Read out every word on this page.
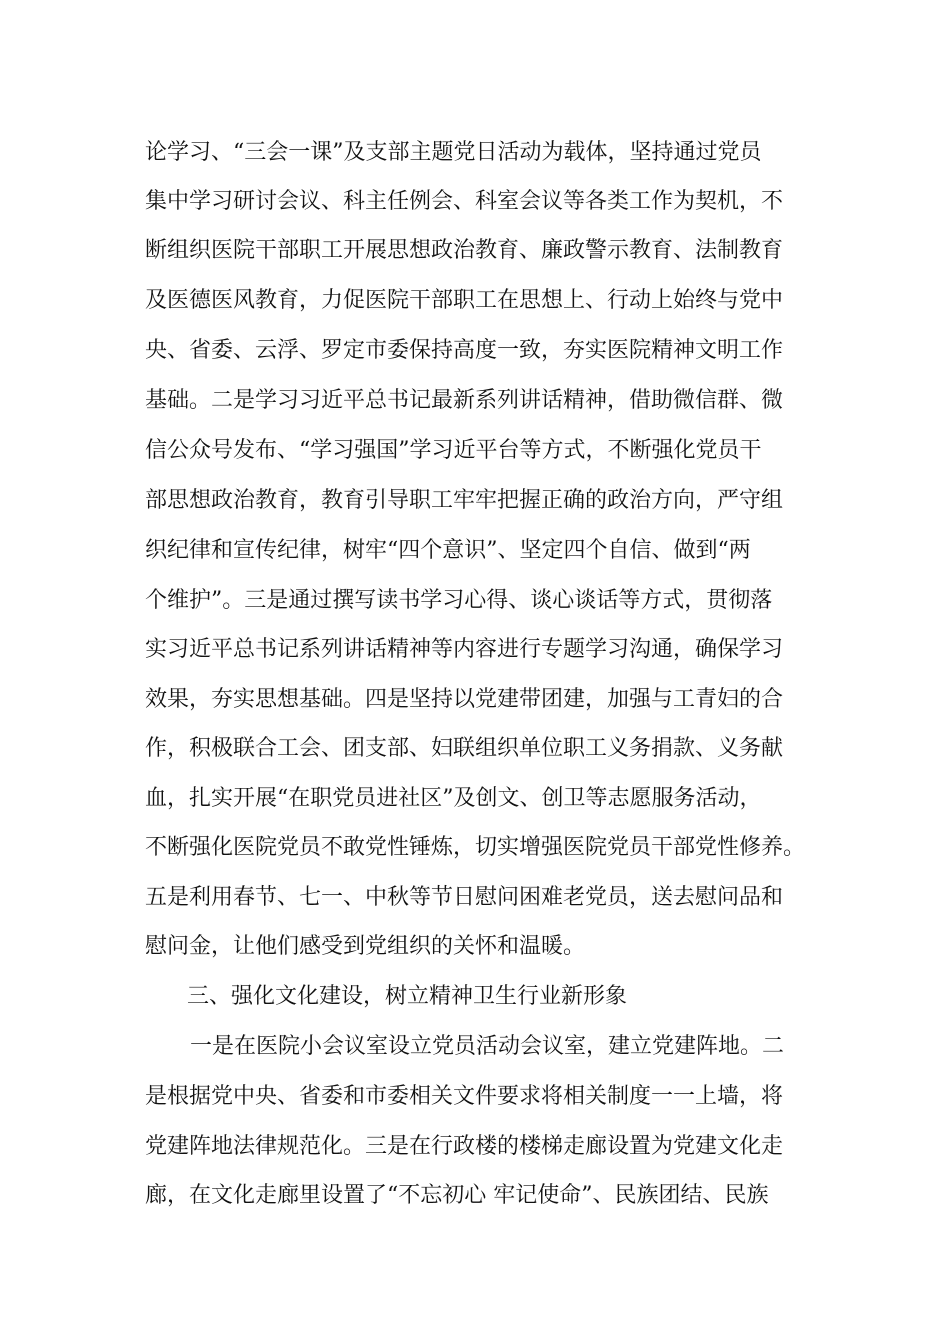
论学习、“三会一课”及支部主题党日活动为载体，坚持通过党员
集中学习研讨会议、科主任例会、科室会议等各类工作为契机，不
断组织医院干部职工开展思想政治教育、廉政警示教育、法制教育
及医德医风教育，力促医院干部职工在思想上、行动上始终与党中
央、省委、云浮、罗定市委保持高度一致，夯实医院精神文明工作
基础。二是学习习近平总书记最新系列讲话精神，借助微信群、微
信公众号发布、“学习强国”学习近平台等方式，不断强化党员干
部思想政治教育，教育引导职工牢牢把握正确的政治方向，严守组
织纪律和宣传纪律，树牢“四个意识”、坚定四个自信、做到“两
个维护”。三是通过撰写读书学习心得、谈心谈话等方式，贯彻落
实习近平总书记系列讲话精神等内容进行专题学习沟通，确保学习
效果，夯实思想基础。四是坚持以党建带团建，加强与工青妇的合
作，积极联合工会、团支部、妇联组织单位职工义务捐款、义务献
血，扎实开展“在职党员进社区”及创文、创卫等志愿服务活动，
不断强化医院党员不敢党性锤炼，切实增强医院党员干部党性修养。
五是利用春节、七一、中秋等节日慰问困难老党员，送去慰问品和
慰问金，让他们感受到党组织的关怀和温暖。
三、强化文化建设，树立精神卫生行业新形象
一是在医院小会议室设立党员活动会议室，建立党建阵地。二
是根据党中央、省委和市委相关文件要求将相关制度一一上墙，将
党建阵地法律规范化。三是在行政楼的楼梯走廊设置为党建文化走
廊，在文化走廊里设置了“不忘初心 牢记使命”、民族团结、民族
